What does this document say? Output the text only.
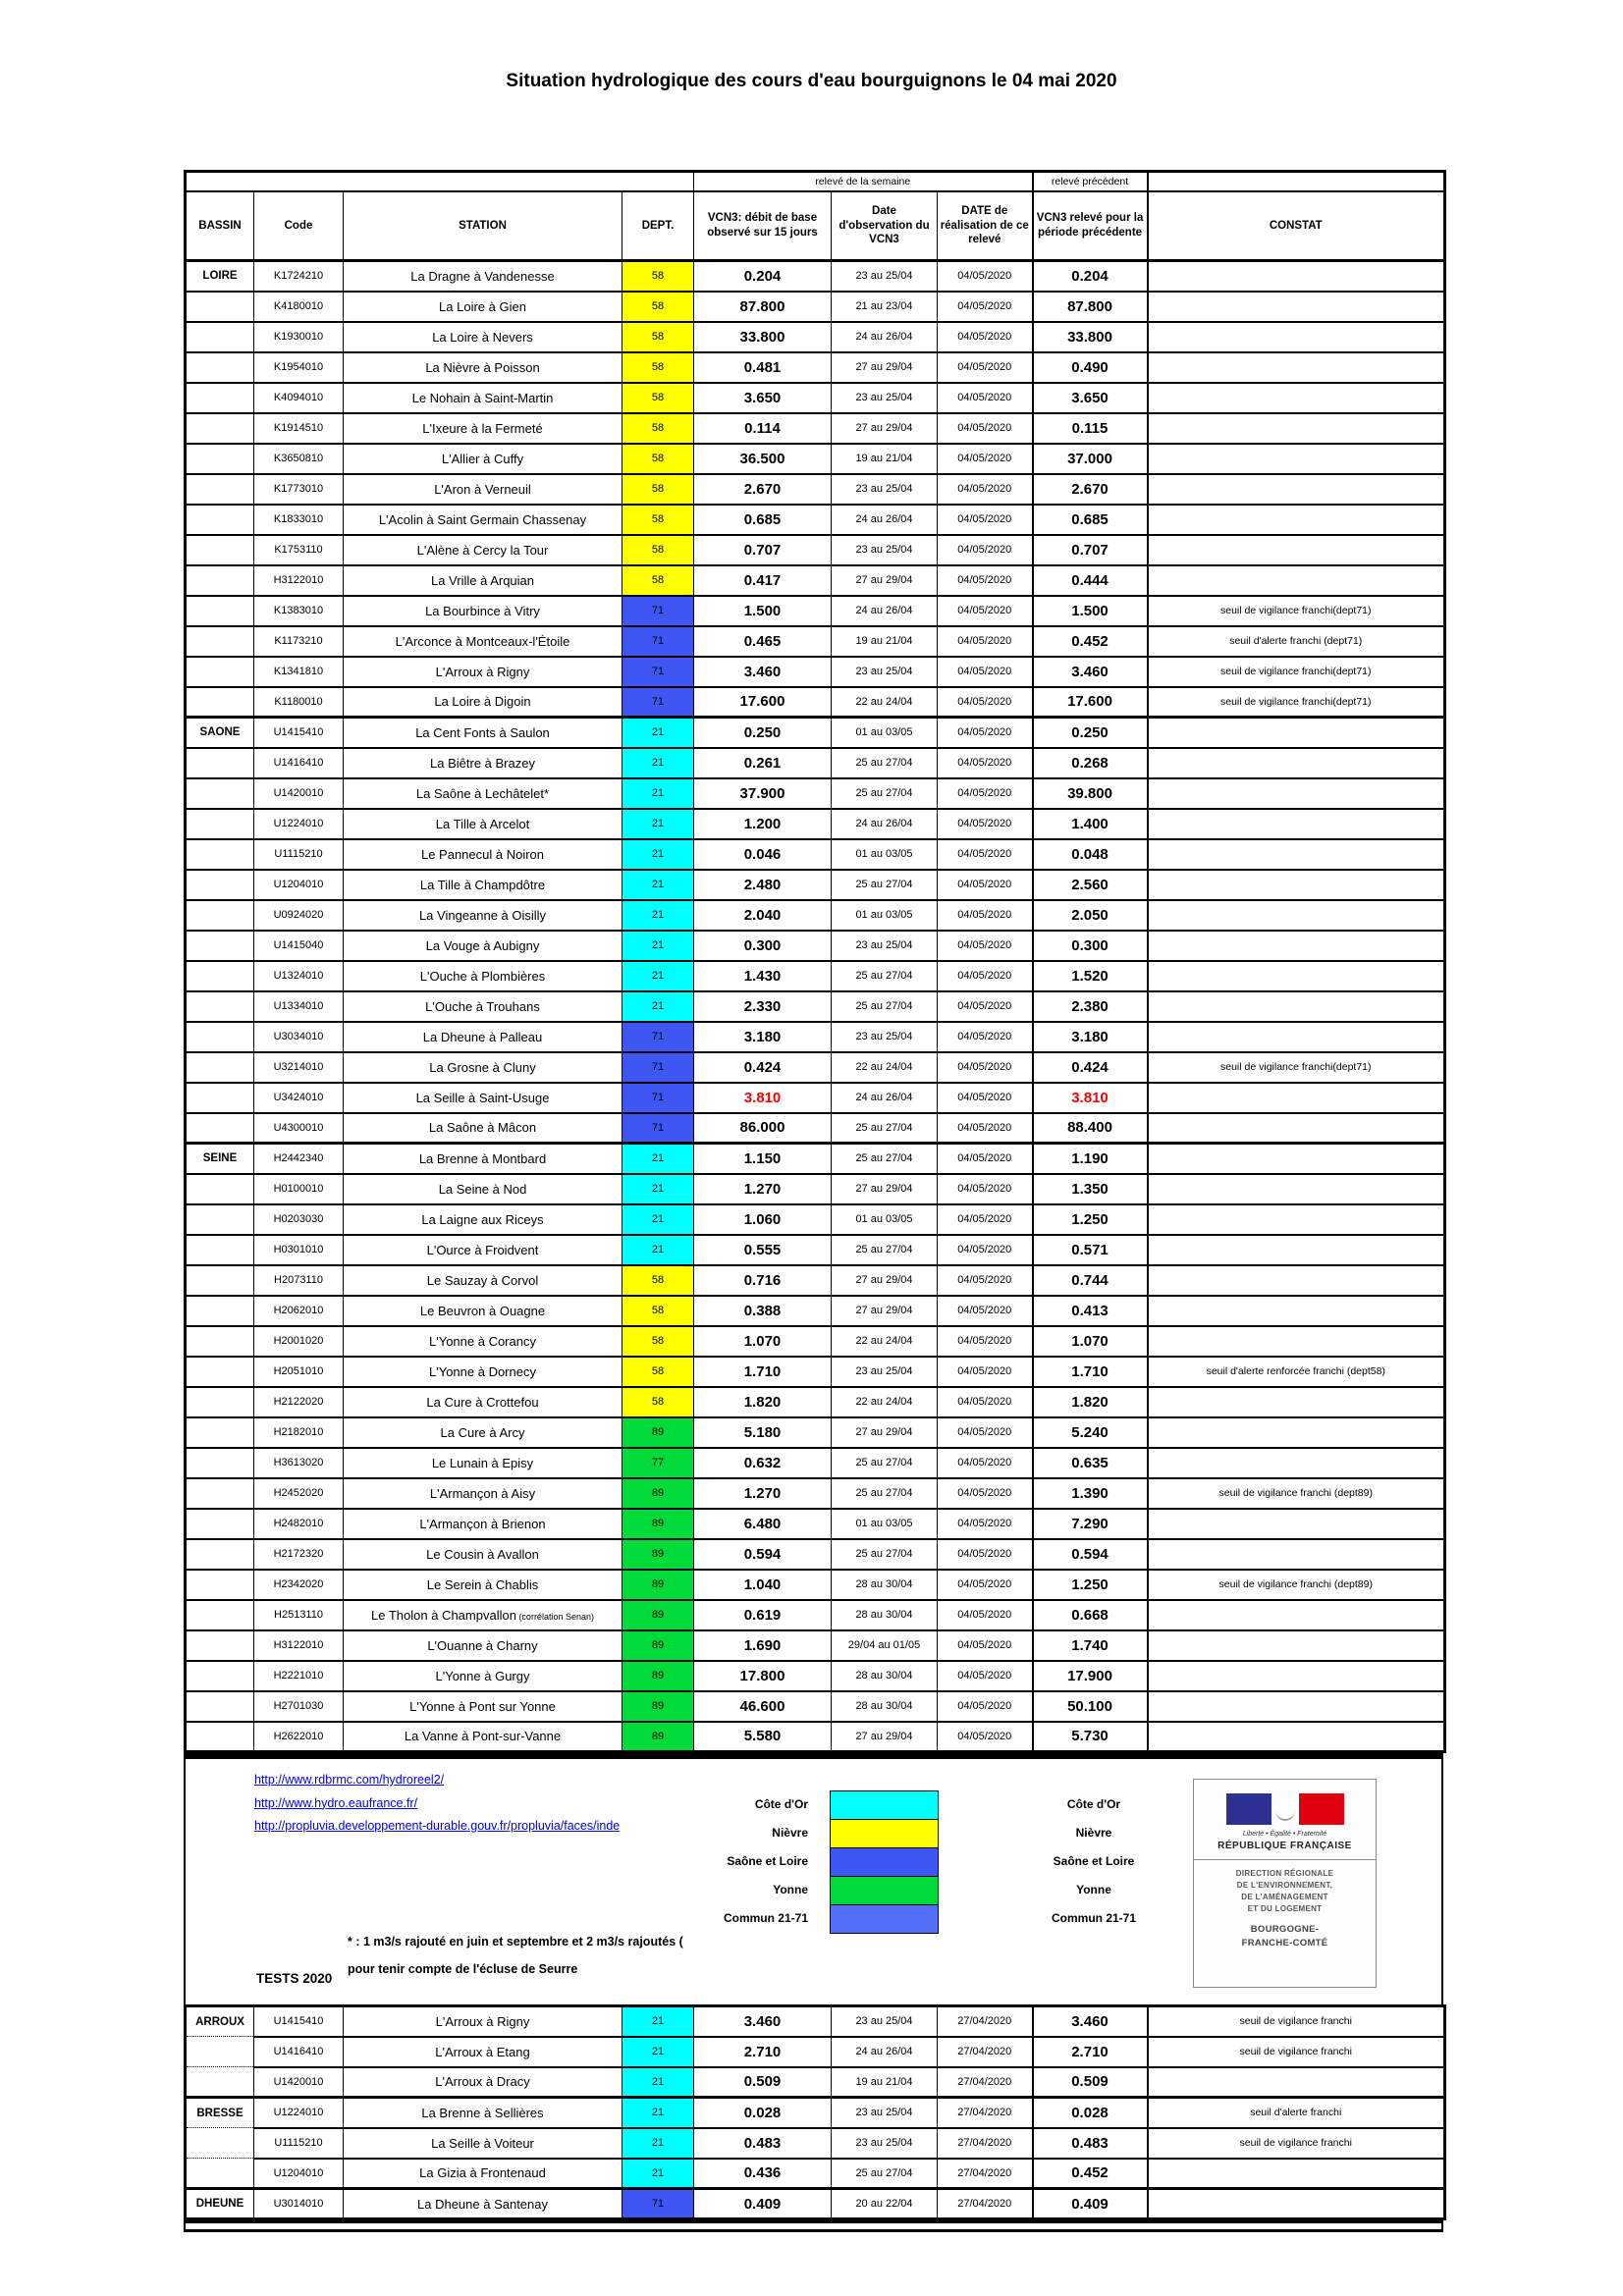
Situation hydrologique des cours d'eau bourguignons le 04 mai 2020
				relevé de la semaine			relevé précédent	
BASSIN	Code	STATION	DEPT.	VCN3: débit de base observé sur 15 jours	Date d'observation du VCN3	DATE de réalisation de ce relevé	VCN3 relevé pour la période précédente	CONSTAT
LOIRE	K1724210	La Dragne à Vandenesse	58	0.204	23 au 25/04	04/05/2020	0.204	
	K4180010	La Loire à Gien	58	87.800	21 au 23/04	04/05/2020	87.800	
	K1930010	La Loire à Nevers	58	33.800	24 au 26/04	04/05/2020	33.800	
	K1954010	La Nièvre à Poisson	58	0.481	27 au 29/04	04/05/2020	0.490	
	K4094010	Le Nohain à Saint-Martin	58	3.650	23 au 25/04	04/05/2020	3.650	
	K1914510	L'Ixeure à la Fermeté	58	0.114	27 au 29/04	04/05/2020	0.115	
	K3650810	L'Allier à Cuffy	58	36.500	19 au 21/04	04/05/2020	37.000	
	K1773010	L'Aron à Verneuil	58	2.670	23 au 25/04	04/05/2020	2.670	
	K1833010	L'Acolin à Saint Germain Chassenay	58	0.685	24 au 26/04	04/05/2020	0.685	
	K1753110	L'Alène à Cercy la Tour	58	0.707	23 au 25/04	04/05/2020	0.707	
	H3122010	La Vrille à Arquian	58	0.417	27 au 29/04	04/05/2020	0.444	
	K1383010	La Bourbince à Vitry	71	1.500	24 au 26/04	04/05/2020	1.500	seuil de vigilance franchi(dept71)
	K1173210	L'Arconce à Montceaux-l'Étoile	71	0.465	19 au 21/04	04/05/2020	0.452	seuil d'alerte franchi (dept71)
	K1341810	L'Arroux à Rigny	71	3.460	23 au 25/04	04/05/2020	3.460	seuil de vigilance franchi(dept71)
	K1180010	La Loire à Digoin	71	17.600	22 au 24/04	04/05/2020	17.600	seuil de vigilance franchi(dept71)
SAONE	U1415410	La Cent Fonts à Saulon	21	0.250	01 au 03/05	04/05/2020	0.250	
	U1416410	La Biêtre à Brazey	21	0.261	25 au 27/04	04/05/2020	0.268	
	U1420010	La Saône à Lechâtelet*	21	37.900	25 au 27/04	04/05/2020	39.800	
	U1224010	La Tille à Arcelot	21	1.200	24 au 26/04	04/05/2020	1.400	
	U1115210	Le Pannecul à Noiron	21	0.046	01 au 03/05	04/05/2020	0.048	
	U1204010	La Tille à Champdôtre	21	2.480	25 au 27/04	04/05/2020	2.560	
	U0924020	La Vingeanne à Oisilly	21	2.040	01 au 03/05	04/05/2020	2.050	
	U1415040	La Vouge à Aubigny	21	0.300	23 au 25/04	04/05/2020	0.300	
	U1324010	L'Ouche à Plombières	21	1.430	25 au 27/04	04/05/2020	1.520	
	U1334010	L'Ouche à Trouhans	21	2.330	25 au 27/04	04/05/2020	2.380	
	U3034010	La Dheune à Palleau	71	3.180	23 au 25/04	04/05/2020	3.180	
	U3214010	La Grosne à Cluny	71	0.424	22 au 24/04	04/05/2020	0.424	seuil de vigilance franchi(dept71)
	U3424010	La Seille à Saint-Usuge	71	3.810	24 au 26/04	04/05/2020	3.810	
	U4300010	La Saône à Mâcon	71	86.000	25 au 27/04	04/05/2020	88.400	
SEINE	H2442340	La Brenne à Montbard	21	1.150	25 au 27/04	04/05/2020	1.190	
	H0100010	La Seine à Nod	21	1.270	27 au 29/04	04/05/2020	1.350	
	H0203030	La Laigne aux Riceys	21	1.060	01 au 03/05	04/05/2020	1.250	
	H0301010	L'Ource à Froidvent	21	0.555	25 au 27/04	04/05/2020	0.571	
	H2073110	Le Sauzay à Corvol	58	0.716	27 au 29/04	04/05/2020	0.744	
	H2062010	Le Beuvron à Ouagne	58	0.388	27 au 29/04	04/05/2020	0.413	
	H2001020	L'Yonne à Corancy	58	1.070	22 au 24/04	04/05/2020	1.070	
	H2051010	L'Yonne à Dornecy	58	1.710	23 au 25/04	04/05/2020	1.710	seuil d'alerte renforcée franchi (dept58)
	H2122020	La Cure à Crottefou	58	1.820	22 au 24/04	04/05/2020	1.820	
	H2182010	La Cure à Arcy	89	5.180	27 au 29/04	04/05/2020	5.240	
	H3613020	Le Lunain à Episy	77	0.632	25 au 27/04	04/05/2020	0.635	
	H2452020	L'Armançon à Aisy	89	1.270	25 au 27/04	04/05/2020	1.390	seuil de vigilance franchi (dept89)
	H2482010	L'Armançon à Brienon	89	6.480	01 au 03/05	04/05/2020	7.290	
	H2172320	Le Cousin à Avallon	89	0.594	25 au 27/04	04/05/2020	0.594	
	H2342020	Le Serein à Chablis	89	1.040	28 au 30/04	04/05/2020	1.250	seuil de vigilance franchi (dept89)
	H2513110	Le Tholon à Champvallon (corrélation Senan)	89	0.619	28 au 30/04	04/05/2020	0.668	
	H3122010	L'Ouanne à Charny	89	1.690	29/04 au 01/05	04/05/2020	1.740	
	H2221010	L'Yonne à Gurgy	89	17.800	28 au 30/04	04/05/2020	17.900	
	H2701030	L'Yonne à Pont sur Yonne	89	46.600	28 au 30/04	04/05/2020	50.100	
	H2622010	La Vanne à Pont-sur-Vanne	89	5.580	27 au 29/04	04/05/2020	5.730	
http://www.rdbrmc.com/hydroreel2/
http://www.hydro.eaufrance.fr/
http://propluvia.developpement-durable.gouv.fr/propluvia/faces/inde
Côte d'Or
Nièvre
Saône et Loire
Yonne
Commun 21-71
Côte d'Or
Nièvre
Saône et Loire
Yonne
Commun 21-71
* : 1 m3/s rajouté en juin et septembre et 2 m3/s rajoutés (
pour tenir compte de l'écluse de Seurre
Liberté • Égalité • Fraternité
RÉPUBLIQUE FRANÇAISE
DIRECTION RÉGIONALE
DE L'ENVIRONNEMENT,
DE L'AMÉNAGEMENT
ET DU LOGEMENT
BOURGOGNE-
FRANCHE-COMTÉ
TESTS 2020
ARROUX	U1415410	L'Arroux à Rigny	21	3.460	23 au 25/04	27/04/2020	3.460	seuil de vigilance franchi
	U1416410	L'Arroux à Etang	21	2.710	24 au 26/04	27/04/2020	2.710	seuil de vigilance franchi
	U1420010	L'Arroux à Dracy	21	0.509	19 au 21/04	27/04/2020	0.509	
BRESSE	U1224010	La Brenne à Sellières	21	0.028	23 au 25/04	27/04/2020	0.028	seuil d'alerte franchi
	U1115210	La Seille à Voiteur	21	0.483	23 au 25/04	27/04/2020	0.483	seuil de vigilance franchi
	U1204010	La Gizia à Frontenaud	21	0.436	25 au 27/04	27/04/2020	0.452	
DHEUNE	U3014010	La Dheune à Santenay	71	0.409	20 au 22/04	27/04/2020	0.409	
